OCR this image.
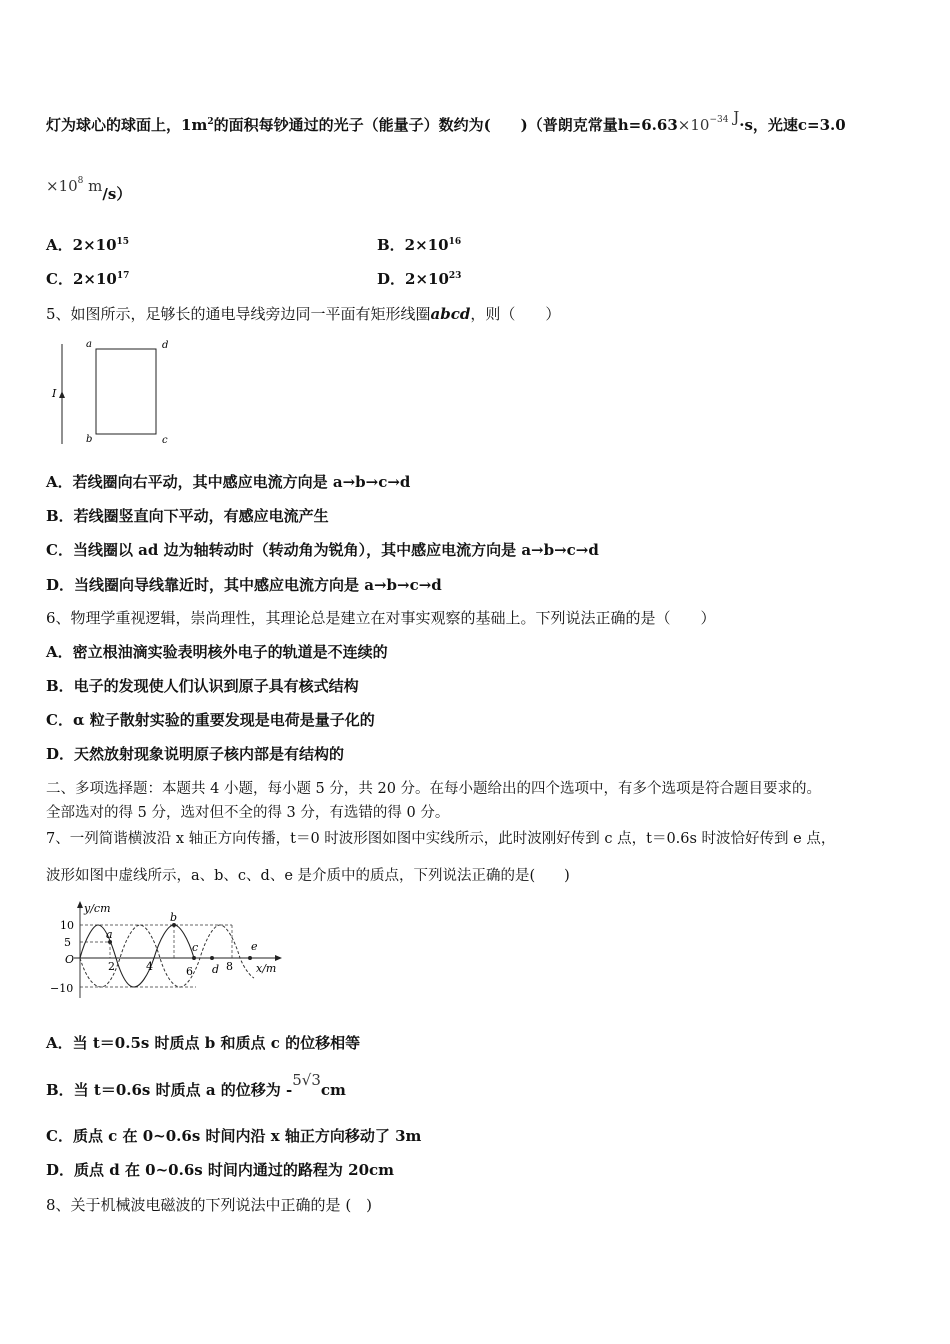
灯为球心的球面上，$1m^2$的面积每钞通过的光子（能量子）数约为(　　)（普朗克常量$h=6.63\times 10^{-34}$ J·s，光速c=3.0
$\times 10^8$ m/s）
A．$2\times 10^{15}$	B．$2\times 10^{16}$
C．$2\times 10^{17}$	D．$2\times 10^{23}$
5、如图所示，足够长的通电导线旁边同一平面有矩形线圈abcd，则（　　）
I
a	d
b	c
A．若线圈向右平动，其中感应电流方向是 a→b→c→d
B．若线圈竖直向下平动，有感应电流产生
C．当线圈以 ad 边为轴转动时（转动角为锐角），其中感应电流方向是 a→b→c→d
D．当线圈向导线靠近时，其中感应电流方向是 a→b→c→d
6、物理学重视逻辑，崇尚理性，其理论总是建立在对事实观察的基础上。下列说法正确的是（　　）
A．密立根油滴实验表明核外电子的轨道是不连续的
B．电子的发现使人们认识到原子具有核式结构
C．α 粒子散射实验的重要发现是电荷是量子化的
D．天然放射现象说明原子核内部是有结构的
二、多项选择题：本题共 4 小题，每小题 5 分，共 20 分。在每小题给出的四个选项中，有多个选项是符合题目要求的。
全部选对的得 5 分，选对但不全的得 3 分，有选错的得 0 分。
7、一列简谐横波沿 x 轴正方向传播，t＝0 时波形图如图中实线所示，此时波刚好传到 c 点，t＝0.6s 时波恰好传到 e 点，
波形如图中虚线所示，a、b、c、d、e 是介质中的质点，下列说法正确的是(　　)
y/cm
x/m
O
10
5
−10
2	4	6	8
a
b
c
d
e
A．当 t＝0.5s 时质点 b 和质点 c 的位移相等
B．当 t＝0.6s 时质点 a 的位移为 -5√3cm
C．质点 c 在 0~0.6s 时间内沿 x 轴正方向移动了 3m
D．质点 d 在 0~0.6s 时间内通过的路程为 20cm
8、关于机械波电磁波的下列说法中正确的是 (　)
